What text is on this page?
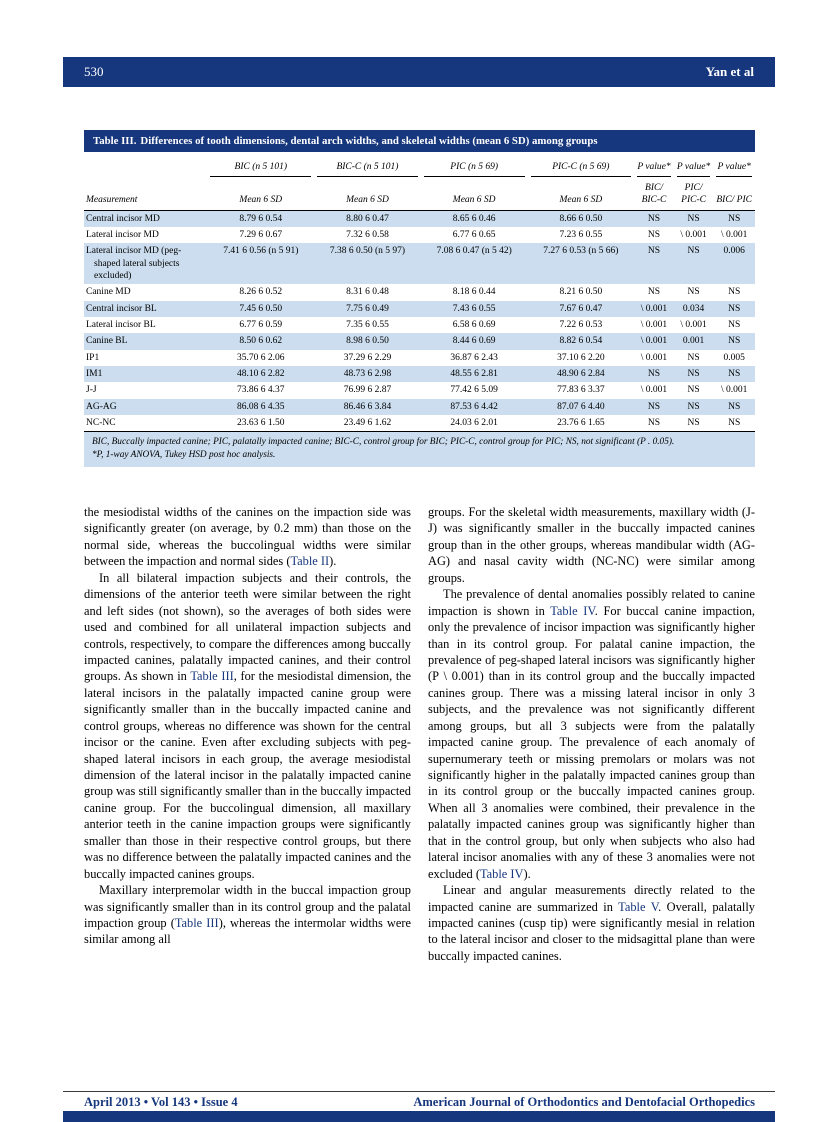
530	Yan et al
Table III. Differences of tooth dimensions, dental arch widths, and skeletal widths (mean 6 SD) among groups

	BIC (n 5 101)	BIC-C (n 5 101)	PIC (n 5 69)	PIC-C (n 5 69)	P value*	P value*	P value*

Measurement	Mean 6 SD	Mean 6 SD	Mean 6 SD	Mean 6 SD	BIC/ BIC-C	PIC/ PIC-C	BIC/ PIC
Central incisor MD	8.79 6 0.54	8.80 6 0.47	8.65 6 0.46	8.66 6 0.50	NS	NS	NS
Lateral incisor MD	7.29 6 0.67	7.32 6 0.58	6.77 6 0.65	7.23 6 0.55	NS	\ 0.001	\ 0.001
Lateral incisor MD (peg-shaped lateral subjects excluded)	7.41 6 0.56 (n 5 91)	7.38 6 0.50 (n 5 97)	7.08 6 0.47 (n 5 42)	7.27 6 0.53 (n 5 66)	NS	NS	0.006
Canine MD	8.26 6 0.52	8.31 6 0.48	8.18 6 0.44	8.21 6 0.50	NS	NS	NS
Central incisor BL	7.45 6 0.50	7.75 6 0.49	7.43 6 0.55	7.67 6 0.47	\ 0.001	0.034	NS
Lateral incisor BL	6.77 6 0.59	7.35 6 0.55	6.58 6 0.69	7.22 6 0.53	\ 0.001	\ 0.001	NS
Canine BL	8.50 6 0.62	8.98 6 0.50	8.44 6 0.69	8.82 6 0.54	\ 0.001	0.001	NS
IP1	35.70 6 2.06	37.29 6 2.29	36.87 6 2.43	37.10 6 2.20	\ 0.001	NS	0.005
IM1	48.10 6 2.82	48.73 6 2.98	48.55 6 2.81	48.90 6 2.84	NS	NS	NS
J-J	73.86 6 4.37	76.99 6 2.87	77.42 6 5.09	77.83 6 3.37	\ 0.001	NS	\ 0.001
AG-AG	86.08 6 4.35	86.46 6 3.84	87.53 6 4.42	87.07 6 4.40	NS	NS	NS
NC-NC	23.63 6 1.50	23.49 6 1.62	24.03 6 2.01	23.76 6 1.65	NS	NS	NS

BIC, Buccally impacted canine; PIC, palatally impacted canine; BIC-C, control group for BIC; PIC-C, control group for PIC; NS, not significant (P . 0.05).

*P, 1-way ANOVA, Tukey HSD post hoc analysis.

the mesiodistal widths of the canines on the impaction side was significantly greater (on average, by 0.2 mm) than those on the normal side, whereas the buccolingual widths were similar between the impaction and normal sides (Table II).

In all bilateral impaction subjects and their controls, the dimensions of the anterior teeth were similar between the right and left sides (not shown), so the averages of both sides were used and combined for all unilateral impaction subjects and controls, respectively, to compare the differences among buccally impacted canines, palatally impacted canines, and their control groups. As shown in Table III, for the mesiodistal dimension, the lateral incisors in the palatally impacted canine group were significantly smaller than in the buccally impacted canine and control groups, whereas no difference was shown for the central incisor or the canine. Even after excluding subjects with peg-shaped lateral incisors in each group, the average mesiodistal dimension of the lateral incisor in the palatally impacted canine group was still significantly smaller than in the buccally impacted canine group. For the buccolingual dimension, all maxillary anterior teeth in the canine impaction groups were significantly smaller than those in their respective control groups, but there was no difference between the palatally impacted canines and the buccally impacted canines groups.

Maxillary interpremolar width in the buccal impaction group was significantly smaller than in its control group and the palatal impaction group (Table III), whereas the intermolar widths were similar among all

groups. For the skeletal width measurements, maxillary width (J-J) was significantly smaller in the buccally impacted canines group than in the other groups, whereas mandibular width (AG-AG) and nasal cavity width (NC-NC) were similar among groups.

The prevalence of dental anomalies possibly related to canine impaction is shown in Table IV. For buccal canine impaction, only the prevalence of incisor impaction was significantly higher than in its control group. For palatal canine impaction, the prevalence of peg-shaped lateral incisors was significantly higher (P \ 0.001) than in its control group and the buccally impacted canines group. There was a missing lateral incisor in only 3 subjects, and the prevalence was not significantly different among groups, but all 3 subjects were from the palatally impacted canine group. The prevalence of each anomaly of supernumerary teeth or missing premolars or molars was not significantly higher in the palatally impacted canines group than in its control group or the buccally impacted canines group. When all 3 anomalies were combined, their prevalence in the palatally impacted canines group was significantly higher than that in the control group, but only when subjects who also had lateral incisor anomalies with any of these 3 anomalies were not excluded (Table IV).

Linear and angular measurements directly related to the impacted canine are summarized in Table V. Overall, palatally impacted canines (cusp tip) were significantly mesial in relation to the lateral incisor and closer to the midsagittal plane than were buccally impacted canines.

April 2013 • Vol 143 • Issue 4	American Journal of Orthodontics and Dentofacial Orthopedics
